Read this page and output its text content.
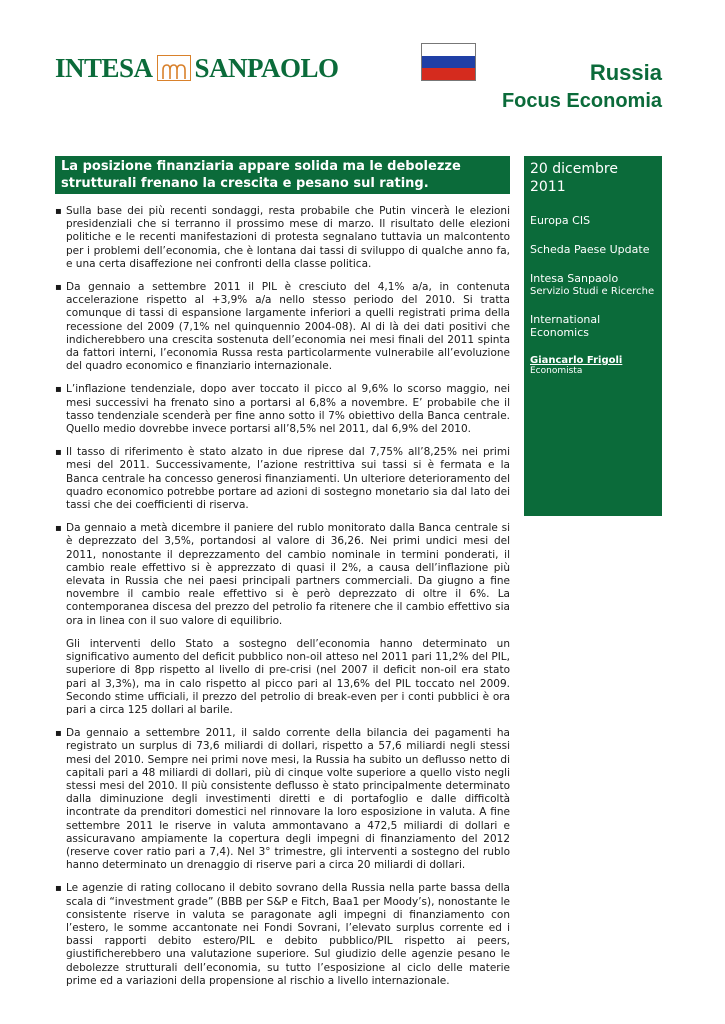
INTESA SANPAOLO	Russia
Focus Economia
La posizione finanziaria appare solida ma le debolezze strutturali frenano la crescita e pesano sul rating.
20 dicembre 2011
Europa CIS
Scheda Paese Update
Intesa Sanpaolo
Servizio Studi e Ricerche
International Economics
Giancarlo Frigoli
Economista

▪ Sulla base dei più recenti sondaggi, resta probabile che Putin vincerà le elezioni presidenziali che si terranno il prossimo mese di marzo. Il risultato delle elezioni politiche e le recenti manifestazioni di protesta segnalano tuttavia un malcontento per i problemi dell’economia, che è lontana dai tassi di sviluppo di qualche anno fa, e una certa disaffezione nei confronti della classe politica.

▪ Da gennaio a settembre 2011 il PIL è cresciuto del 4,1% a/a, in contenuta accelerazione rispetto al +3,9% a/a nello stesso periodo del 2010. Si tratta comunque di tassi di espansione largamente inferiori a quelli registrati prima della recessione del 2009 (7,1% nel quinquennio 2004-08). Al di là dei dati positivi che indicherebbero una crescita sostenuta dell’economia nei mesi finali del 2011 spinta da fattori interni, l’economia Russa resta particolarmente vulnerabile all’evoluzione del quadro economico e finanziario internazionale.

▪ L’inflazione tendenziale, dopo aver toccato il picco al 9,6% lo scorso maggio, nei mesi successivi ha frenato sino a portarsi al 6,8% a novembre. E’ probabile che il tasso tendenziale scenderà per fine anno sotto il 7% obiettivo della Banca centrale. Quello medio dovrebbe invece portarsi all’8,5% nel 2011, dal 6,9% del 2010.

▪ Il tasso di riferimento è stato alzato in due riprese dal 7,75% all’8,25% nei primi mesi del 2011. Successivamente, l’azione restrittiva sui tassi si è fermata e la Banca centrale ha concesso generosi finanziamenti. Un ulteriore deterioramento del quadro economico potrebbe portare ad azioni di sostegno monetario sia dal lato dei tassi che dei coefficienti di riserva.

▪ Da gennaio a metà dicembre il paniere del rublo monitorato dalla Banca centrale si è deprezzato del 3,5%, portandosi al valore di 36,26. Nei primi undici mesi del 2011, nonostante il deprezzamento del cambio nominale in termini ponderati, il cambio reale effettivo si è apprezzato di quasi il 2%, a causa dell’inflazione più elevata in Russia che nei paesi principali partners commerciali. Da giugno a fine novembre il cambio reale effettivo si è però deprezzato di oltre il 6%. La contemporanea discesa del prezzo del petrolio fa ritenere che il cambio effettivo sia ora in linea con il suo valore di equilibrio.

Gli interventi dello Stato a sostegno dell’economia hanno determinato un significativo aumento del deficit pubblico non-oil atteso nel 2011 pari 11,2% del PIL, superiore di 8pp rispetto al livello di pre-crisi (nel 2007 il deficit non-oil era stato pari al 3,3%), ma in calo rispetto al picco pari al 13,6% del PIL toccato nel 2009. Secondo stime ufficiali, il prezzo del petrolio di break-even per i conti pubblici è ora pari a circa 125 dollari al barile.

▪ Da gennaio a settembre 2011, il saldo corrente della bilancia dei pagamenti ha registrato un surplus di 73,6 miliardi di dollari, rispetto a 57,6 miliardi negli stessi mesi del 2010. Sempre nei primi nove mesi, la Russia ha subito un deflusso netto di capitali pari a 48 miliardi di dollari, più di cinque volte superiore a quello visto negli stessi mesi del 2010. Il più consistente deflusso è stato principalmente determinato dalla diminuzione degli investimenti diretti e di portafoglio e dalle difficoltà incontrate da prenditori domestici nel rinnovare la loro esposizione in valuta. A fine settembre 2011 le riserve in valuta ammontavano a 472,5 miliardi di dollari e assicuravano ampiamente la copertura degli impegni di finanziamento del 2012 (reserve cover ratio pari a 7,4). Nel 3° trimestre, gli interventi a sostegno del rublo hanno determinato un drenaggio di riserve pari a circa 20 miliardi di dollari.

▪ Le agenzie di rating collocano il debito sovrano della Russia nella parte bassa della scala di “investment grade” (BBB per S&P e Fitch, Baa1 per Moody’s), nonostante le consistente riserve in valuta se paragonate agli impegni di finanziamento con l’estero, le somme accantonate nei Fondi Sovrani, l’elevato surplus corrente ed i bassi rapporti debito estero/PIL e debito pubblico/PIL rispetto ai peers, giustificherebbero una valutazione superiore. Sul giudizio delle agenzie pesano le debolezze strutturali dell’economia, su tutto l’esposizione al ciclo delle materie prime ed a variazioni della propensione al rischio a livello internazionale.
